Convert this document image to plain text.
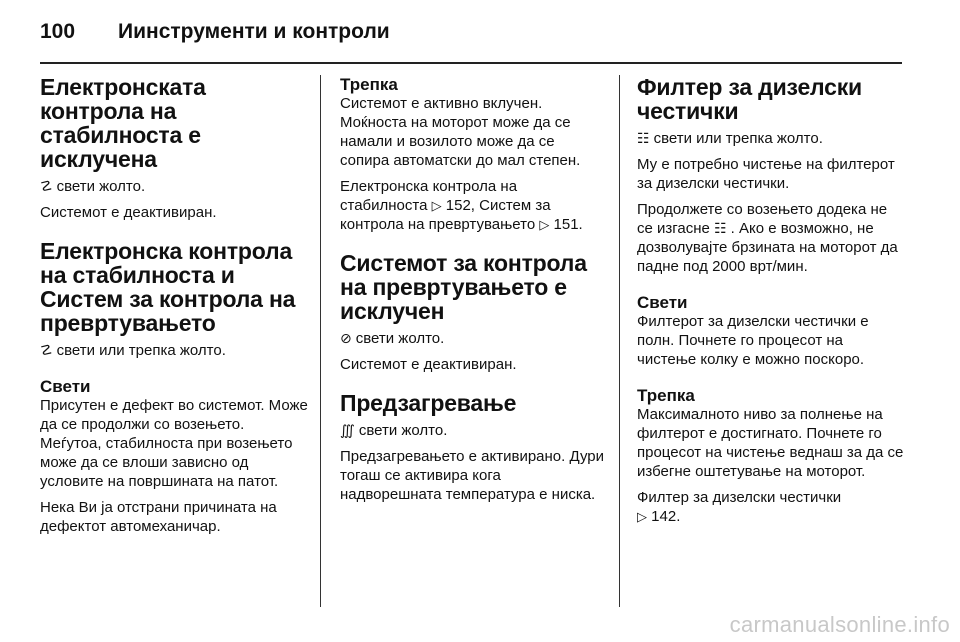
100	Иинструменти и контроли
Електронската контрола на стабилноста е исклучена

☡ свети жолто.

Системот е деактивиран.

Електронска контрола на стабилноста и Систем за контрола на превртувањето

☡ свети или трепка жолто.

Свети

Присутен е дефект во системот. Може да се продолжи со возењето. Меѓутоа, стабилноста при возењето може да се влоши зависно од условите на површината на патот.

Нека Ви ја отстрани причината на дефектот автомеханичар.

Трепка

Системот е активно вклучен. Моќноста на моторот може да се намали и возилото може да се сопира автоматски до мал степен.

Електронска контрола на стабилноста ▷ 152, Систем за контрола на превртувањето ▷ 151.

Системот за контрола на превртувањето е исклучен

⊘ свети жолто.

Системот е деактивиран.

Предзагревање

∭ свети жолто.

Предзагревањето е активирано. Дури тогаш се активира кога надворешната температура е ниска.

Филтер за дизелски честички

☷ свети или трепка жолто.

Му е потребно чистење на филтерот за дизелски честички.

Продолжете со возењето додека не се изгасне ☷ . Ако е возможно, не дозволувајте брзината на моторот да падне под 2000 врт/мин.

Свети

Филтерот за дизелски честички е полн. Почнете го процесот на чистење колку е можно поскоро.

Трепка

Максималното ниво за полнење на филтерот е достигнато. Почнете го процесот на чистење веднаш за да се избегне оштетување на моторот.

Филтер за дизелски честички
▷ 142.

carmanualsonline.info
